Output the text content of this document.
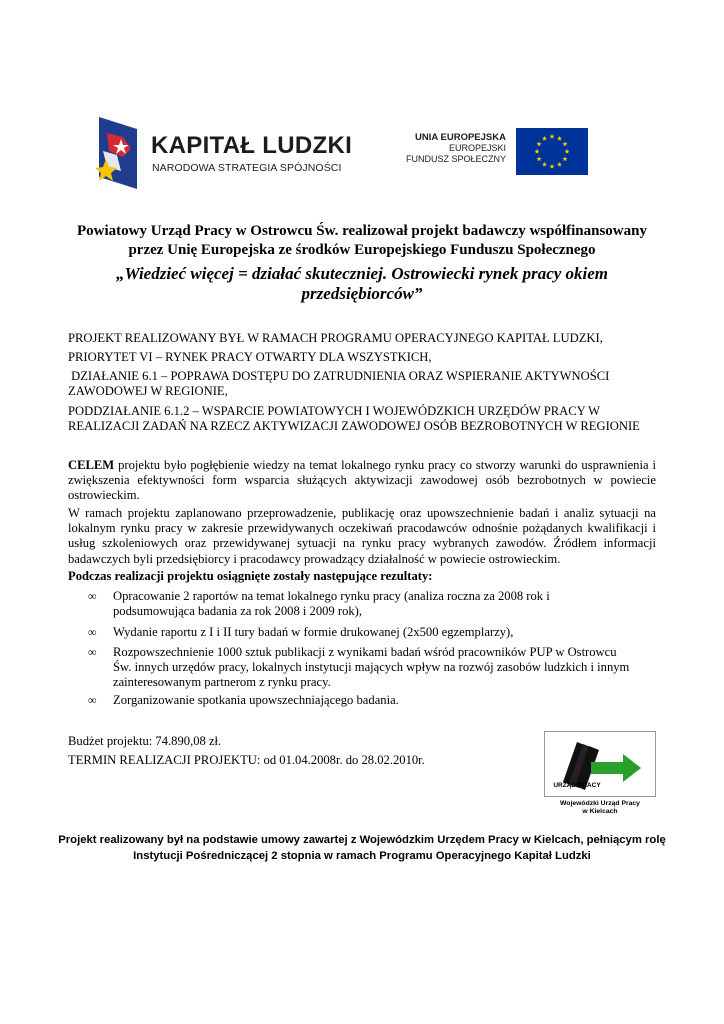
KAPITAŁ LUDZKI
NARODOWA STRATEGIA SPÓJNOŚCI
UNIA EUROPEJSKA
EUROPEJSKI
FUNDUSZ SPOŁECZNY
Powiatowy Urząd Pracy w Ostrowcu Św. realizował projekt badawczy współfinansowany
przez Unię Europejska ze środków Europejskiego Funduszu Społecznego
„Wiedzieć więcej = działać skuteczniej. Ostrowiecki rynek pracy okiem
przedsiębiorców”
PROJEKT REALIZOWANY BYŁ W RAMACH PROGRAMU OPERACYJNEGO KAPITAŁ LUDZKI,
PRIORYTET VI – RYNEK PRACY OTWARTY DLA WSZYSTKICH,
DZIAŁANIE 6.1 – POPRAWA DOSTĘPU DO ZATRUDNIENIA ORAZ WSPIERANIE AKTYWNOŚCI
ZAWODOWEJ W REGIONIE,
PODDZIAŁANIE 6.1.2 – WSPARCIE POWIATOWYCH I WOJEWÓDZKICH URZĘDÓW PRACY W
REALIZACJI ZADAŃ NA RZECZ AKTYWIZACJI ZAWODOWEJ OSÓB BEZROBOTNYCH W REGIONIE
CELEM projektu było pogłębienie wiedzy na temat lokalnego rynku pracy co stworzy warunki do usprawnienia i zwiększenia efektywności form wsparcia służących aktywizacji zawodowej osób bezrobotnych w powiecie ostrowieckim.
W ramach projektu zaplanowano przeprowadzenie, publikację oraz upowszechnienie badań i analiz sytuacji na lokalnym rynku pracy w zakresie przewidywanych oczekiwań pracodawców odnośnie pożądanych kwalifikacji i usług szkoleniowych oraz przewidywanej sytuacji na rynku pracy wybranych zawodów. Źródłem informacji badawczych byli przedsiębiorcy i pracodawcy prowadzący działalność w powiecie ostrowieckim.
Podczas realizacji projektu osiągnięte zostały następujące rezultaty:
∞ Opracowanie 2 raportów na temat lokalnego rynku pracy (analiza roczna za 2008 rok i podsumowująca badania za rok 2008 i 2009 rok),
∞ Wydanie raportu z I i II tury badań w formie drukowanej (2x500 egzemplarzy),
∞ Rozpowszechnienie 1000 sztuk publikacji z wynikami badań wśród pracowników PUP w Ostrowcu Św. innych urzędów pracy, lokalnych instytucji mających wpływ na rozwój zasobów ludzkich i innym zainteresowanym partnerom z rynku pracy.
∞ Zorganizowanie spotkania upowszechniającego badania.
Budżet projektu: 74.890,08 zł.
TERMIN REALIZACJI PROJEKTU: od 01.04.2008r. do 28.02.2010r.
URZĄD PRACY
Wojewódzki Urząd Pracy
w Kielcach
Projekt realizowany był na podstawie umowy zawartej z Wojewódzkim Urzędem Pracy w Kielcach, pełniącym rolę
Instytucji Pośredniczącej 2 stopnia w ramach Programu Operacyjnego Kapitał Ludzki
